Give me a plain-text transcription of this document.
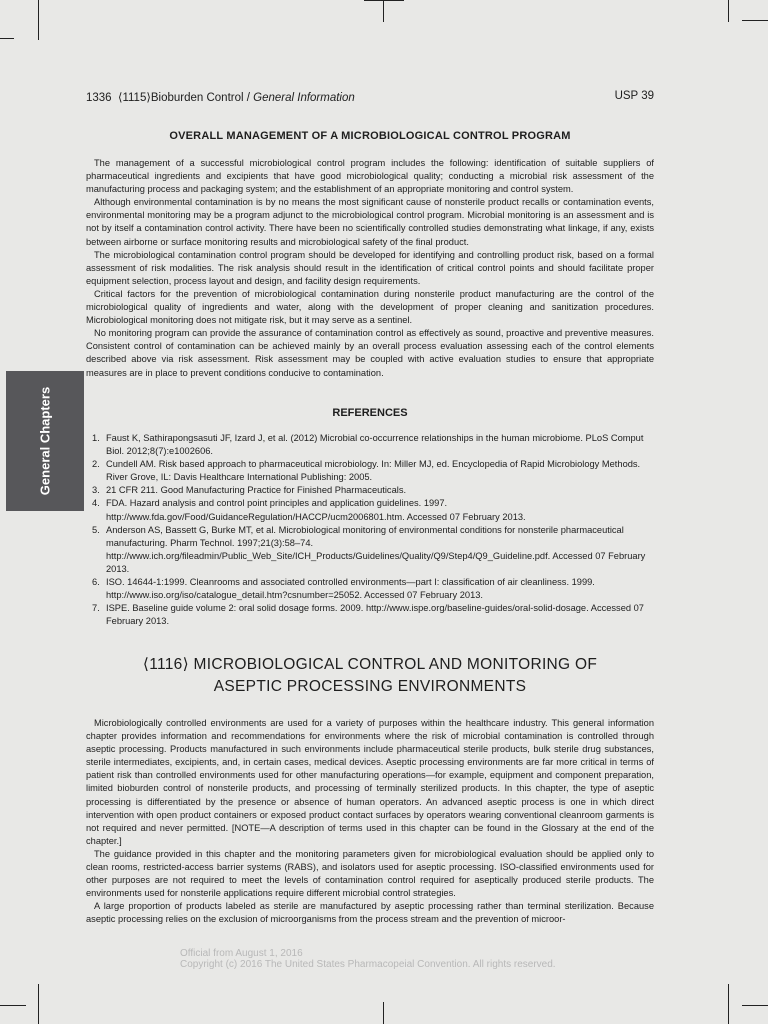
General Chapters
1336 ⟨1115⟩Bioburden Control / General Information	USP 39
OVERALL MANAGEMENT OF A MICROBIOLOGICAL CONTROL PROGRAM

The management of a successful microbiological control program includes the following: identification of suitable suppliers of pharmaceutical ingredients and excipients that have good microbiological quality; conducting a microbial risk assessment of the manufacturing process and packaging system; and the establishment of an appropriate monitoring and control system.

Although environmental contamination is by no means the most significant cause of nonsterile product recalls or contamination events, environmental monitoring may be a program adjunct to the microbiological control program. Microbial monitoring is an assessment and is not by itself a contamination control activity. There have been no scientifically controlled studies demonstrating what linkage, if any, exists between airborne or surface monitoring results and microbiological safety of the final product.

The microbiological contamination control program should be developed for identifying and controlling product risk, based on a formal assessment of risk modalities. The risk analysis should result in the identification of critical control points and should facilitate proper equipment selection, process layout and design, and facility design requirements.

Critical factors for the prevention of microbiological contamination during nonsterile product manufacturing are the control of the microbiological quality of ingredients and water, along with the development of proper cleaning and sanitization procedures. Microbiological monitoring does not mitigate risk, but it may serve as a sentinel.

No monitoring program can provide the assurance of contamination control as effectively as sound, proactive and preventive measures. Consistent control of contamination can be achieved mainly by an overall process evaluation assessing each of the control elements described above via risk assessment. Risk assessment may be coupled with active evaluation studies to ensure that appropriate measures are in place to prevent conditions conducive to contamination.

REFERENCES
1. Faust K, Sathirapongsasuti JF, Izard J, et al. (2012) Microbial co-occurrence relationships in the human microbiome. PLoS Comput Biol. 2012;8(7):e1002606.
2. Cundell AM. Risk based approach to pharmaceutical microbiology. In: Miller MJ, ed. Encyclopedia of Rapid Microbiology Methods. River Grove, IL: Davis Healthcare International Publishing: 2005.
3. 21 CFR 211. Good Manufacturing Practice for Finished Pharmaceuticals.
4. FDA. Hazard analysis and control point principles and application guidelines. 1997. http://www.fda.gov/Food/GuidanceRegulation/HACCP/ucm2006801.htm. Accessed 07 February 2013.
5. Anderson AS, Bassett G, Burke MT, et al. Microbiological monitoring of environmental conditions for nonsterile pharmaceutical manufacturing. Pharm Technol. 1997;21(3):58–74. http://www.ich.org/fileadmin/Public_Web_Site/ICH_Products/Guidelines/Quality/Q9/Step4/Q9_Guideline.pdf. Accessed 07 February 2013.
6. ISO. 14644-1:1999. Cleanrooms and associated controlled environments—part I: classification of air cleanliness. 1999. http://www.iso.org/iso/catalogue_detail.htm?csnumber=25052. Accessed 07 February 2013.
7. ISPE. Baseline guide volume 2: oral solid dosage forms. 2009. http://www.ispe.org/baseline-guides/oral-solid-dosage. Accessed 07 February 2013.
⟨1116⟩ MICROBIOLOGICAL CONTROL AND MONITORING OF
ASEPTIC PROCESSING ENVIRONMENTS

Microbiologically controlled environments are used for a variety of purposes within the healthcare industry. This general information chapter provides information and recommendations for environments where the risk of microbial contamination is controlled through aseptic processing. Products manufactured in such environments include pharmaceutical sterile products, bulk sterile drug substances, sterile intermediates, excipients, and, in certain cases, medical devices. Aseptic processing environments are far more critical in terms of patient risk than controlled environments used for other manufacturing operations—for example, equipment and component preparation, limited bioburden control of nonsterile products, and processing of terminally sterilized products. In this chapter, the type of aseptic processing is differentiated by the presence or absence of human operators. An advanced aseptic process is one in which direct intervention with open product containers or exposed product contact surfaces by operators wearing conventional cleanroom garments is not required and never permitted. [NOTE—A description of terms used in this chapter can be found in the Glossary at the end of the chapter.]

The guidance provided in this chapter and the monitoring parameters given for microbiological evaluation should be applied only to clean rooms, restricted-access barrier systems (RABS), and isolators used for aseptic processing. ISO-classified environments used for other purposes are not required to meet the levels of contamination control required for aseptically produced sterile products. The environments used for nonsterile applications require different microbial control strategies.

A large proportion of products labeled as sterile are manufactured by aseptic processing rather than terminal sterilization. Because aseptic processing relies on the exclusion of microorganisms from the process stream and the prevention of microor-

Official from August 1, 2016
Copyright (c) 2016 The United States Pharmacopeial Convention. All rights reserved.
